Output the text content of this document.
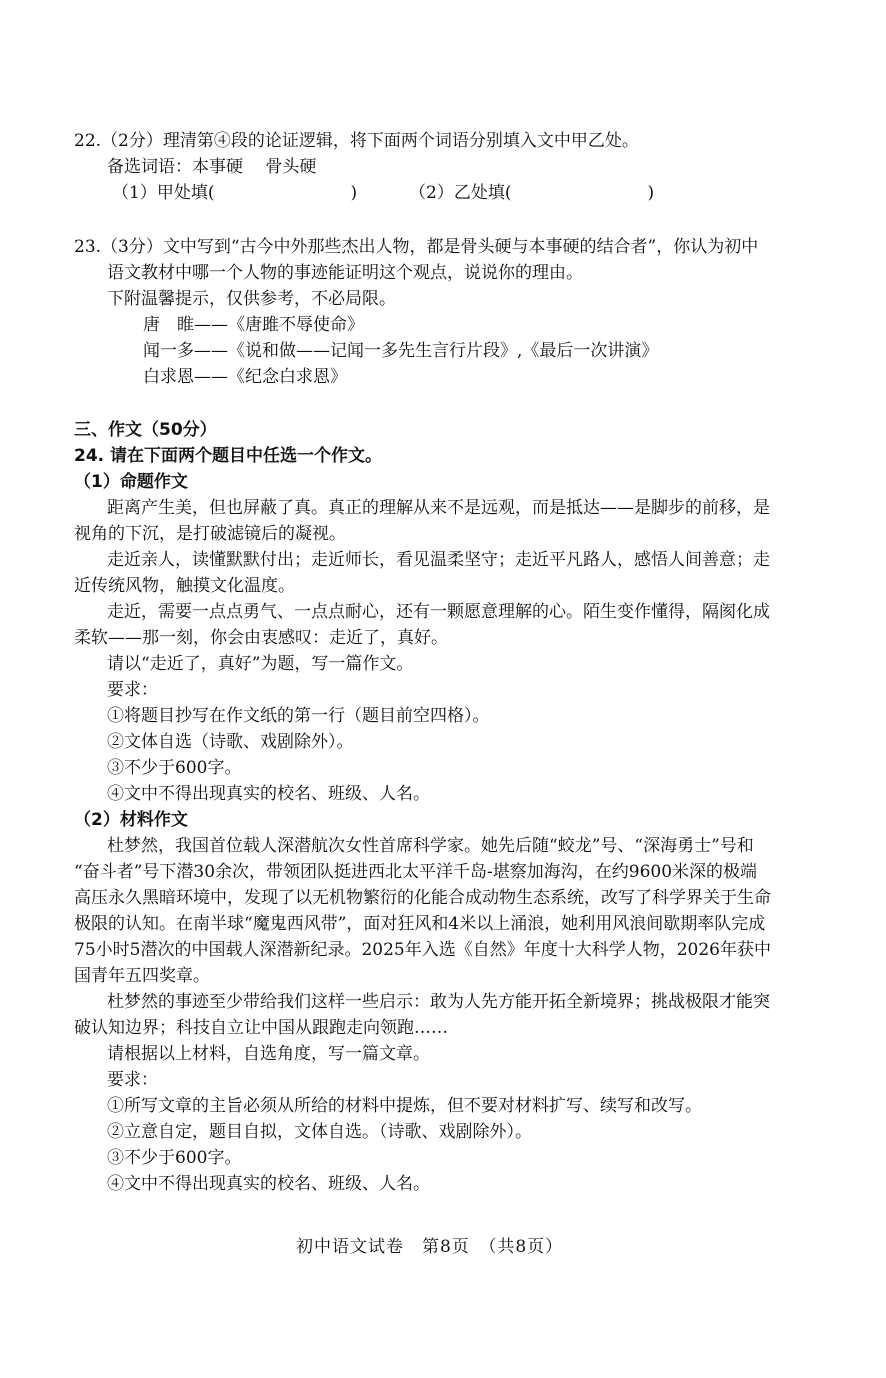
22.（2分）理清第④段的论证逻辑，将下面两个词语分别填入文中甲乙处。
备选词语：本事硬　 骨头硬
（1）甲处填(　　　　　　　　)	（2）乙处填(　　　　　　　　)
23.（3分）文中写到“古今中外那些杰出人物，都是骨头硬与本事硬的结合者”，你认为初中
语文教材中哪一个人物的事迹能证明这个观点，说说你的理由。
下附温馨提示，仅供参考，不必局限。
唐　睢——《唐雎不辱使命》
闻一多——《说和做——记闻一多先生言行片段》,《最后一次讲演》
白求恩——《纪念白求恩》
三、作文（50分）
24. 请在下面两个题目中任选一个作文。
（1）命题作文
距离产生美，但也屏蔽了真。真正的理解从来不是远观，而是抵达——是脚步的前移，是
视角的下沉，是打破滤镜后的凝视。
走近亲人，读懂默默付出；走近师长，看见温柔坚守；走近平凡路人，感悟人间善意；走
近传统风物，触摸文化温度。
走近，需要一点点勇气、一点点耐心，还有一颗愿意理解的心。陌生变作懂得，隔阂化成
柔软——那一刻，你会由衷感叹：走近了，真好。
请以“走近了，真好”为题，写一篇作文。
要求：
①将题目抄写在作文纸的第一行（题目前空四格）。
②文体自选（诗歌、戏剧除外）。
③不少于600字。
④文中不得出现真实的校名、班级、人名。
（2）材料作文
杜梦然，我国首位载人深潜航次女性首席科学家。她先后随“蛟龙”号、“深海勇士”号和
“奋斗者”号下潜30余次，带领团队挺进西北太平洋千岛-堪察加海沟，在约9600米深的极端
高压永久黑暗环境中，发现了以无机物繁衍的化能合成动物生态系统，改写了科学界关于生命
极限的认知。在南半球“魔鬼西风带”，面对狂风和4米以上涌浪，她利用风浪间歇期率队完成
75小时5潜次的中国载人深潜新纪录。2025年入选《自然》年度十大科学人物，2026年获中
国青年五四奖章。
杜梦然的事迹至少带给我们这样一些启示：敢为人先方能开拓全新境界；挑战极限才能突
破认知边界；科技自立让中国从跟跑走向领跑……
请根据以上材料，自选角度，写一篇文章。
要求：
①所写文章的主旨必须从所给的材料中提炼，但不要对材料扩写、续写和改写。
②立意自定，题目自拟，文体自选。（诗歌、戏剧除外）。
③不少于600字。
④文中不得出现真实的校名、班级、人名。
初中语文试卷　第8页　（共8页）
